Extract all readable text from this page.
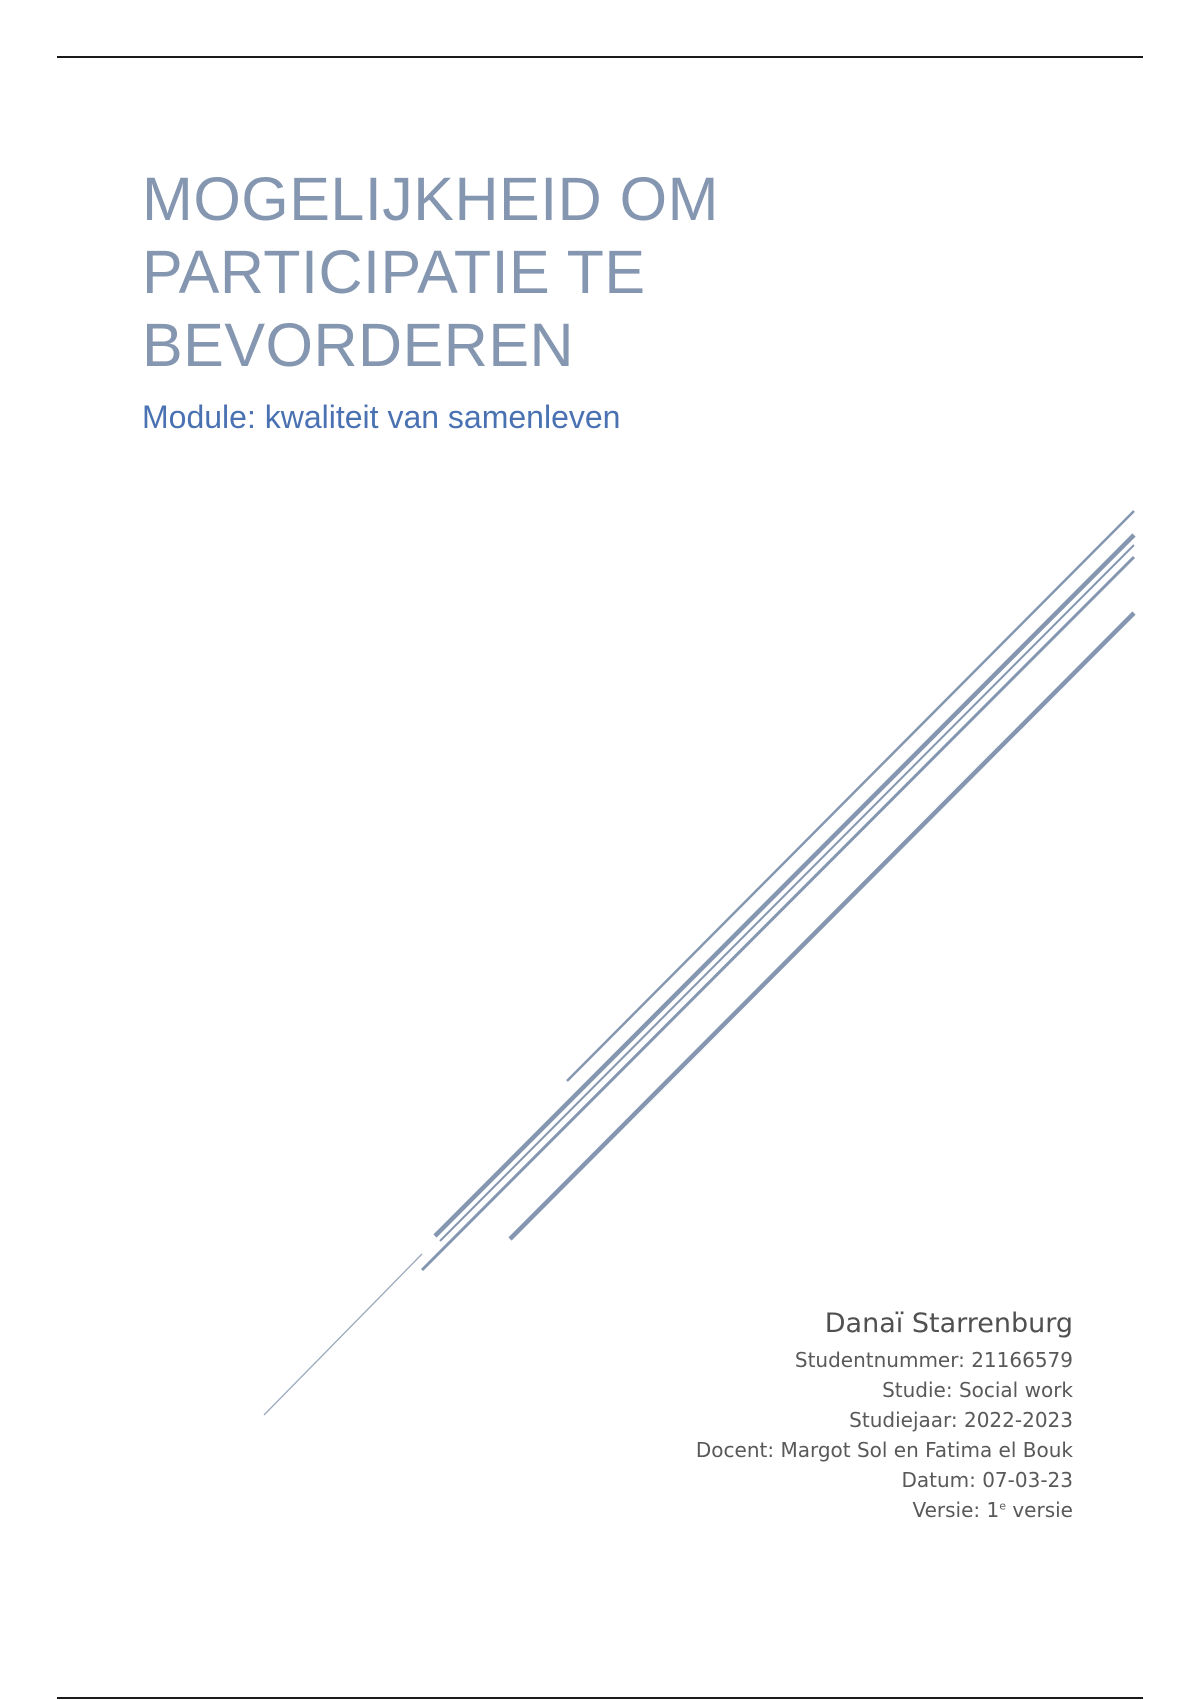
MOGELIJKHEID OM
PARTICIPATIE TE
BEVORDEREN

Module: kwaliteit van samenleven

Danaï Starrenburg

Studentnummer: 21166579

Studie: Social work

Studiejaar: 2022-2023

Docent: Margot Sol en Fatima el Bouk

Datum: 07-03-23

Versie: 1e versie
